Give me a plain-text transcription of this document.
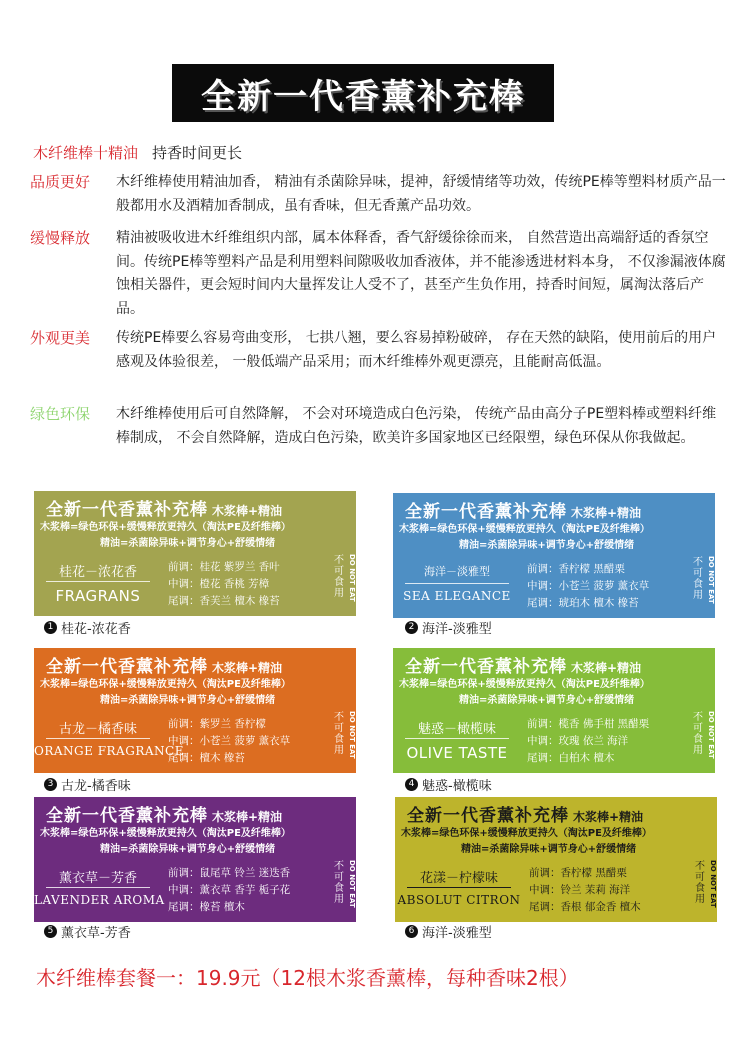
全新一代香薰补充棒
木纤维棒十精油 持香时间更长
品质更好 木纤维棒使用精油加香， 精油有杀菌除异味，提神，舒缓情绪等功效，传统PE棒等塑料材质产品一般都用水及酒精加香制成，虽有香味，但无香薰产品功效。
缓慢释放 精油被吸收进木纤维组织内部，属本体释香，香气舒缓徐徐而来， 自然营造出高端舒适的香氛空间。传统PE棒等塑料产品是利用塑料间隙吸收加香液体，并不能渗透进材料本身， 不仅渗漏液体腐蚀相关器件，更会短时间内大量挥发让人受不了，甚至产生负作用，持香时间短，属淘汰落后产品。
外观更美 传统PE棒要么容易弯曲变形， 七拱八翘，要么容易掉粉破碎， 存在天然的缺陷，使用前后的用户感观及体验很差， 一般低端产品采用；而木纤维棒外观更漂亮，且能耐高低温。
绿色环保 木纤维棒使用后可自然降解， 不会对环境造成白色污染， 传统产品由高分子PE塑料棒或塑料纤维棒制成， 不会自然降解，造成白色污染，欧美许多国家地区已经限塑，绿色环保从你我做起。
全新一代香薰补充棒 木浆棒+精油
木浆棒=绿色环保+缓慢释放更持久（淘汰PE及纤维棒）
精油=杀菌除异味+调节身心+舒缓情绪
桂花－浓花香
FRAGRANS
前调：桂花 紫罗兰 香叶
中调：橙花 香桃 芳樟
尾调：香芙兰 檀木 橡苔
不可食用 DO NOT EAT
1 桂花-浓花香
全新一代香薰补充棒 木浆棒+精油
木浆棒=绿色环保+缓慢释放更持久（淘汰PE及纤维棒）
精油=杀菌除异味+调节身心+舒缓情绪
海洋－淡雅型
SEA ELEGANCE
前调：香柠檬 黑醋栗
中调：小苍兰 菠萝 薰衣草
尾调：琥珀木 檀木 橡苔
不可食用 DO NOT EAT
2 海洋-淡雅型
全新一代香薰补充棒 木浆棒+精油
木浆棒=绿色环保+缓慢释放更持久（淘汰PE及纤维棒）
精油=杀菌除异味+调节身心+舒缓情绪
古龙－橘香味
ORANGE FRAGRANCE
前调：紫罗兰 香柠檬
中调：小苍兰 菠萝 薰衣草
尾调：檀木 橡苔
不可食用 DO NOT EAT
3 古龙-橘香味
全新一代香薰补充棒 木浆棒+精油
木浆棒=绿色环保+缓慢释放更持久（淘汰PE及纤维棒）
精油=杀菌除异味+调节身心+舒缓情绪
魅惑－橄榄味
OLIVE TASTE
前调：榄香 佛手柑 黑醋栗
中调：玫瑰 依兰 海洋
尾调：白柏木 檀木
不可食用 DO NOT EAT
4 魅惑-橄榄味
全新一代香薰补充棒 木浆棒+精油
木浆棒=绿色环保+缓慢释放更持久（淘汰PE及纤维棒）
精油=杀菌除异味+调节身心+舒缓情绪
薰衣草－芳香
LAVENDER AROMA
前调：鼠尾草 铃兰 迷迭香
中调：薰衣草 香芋 栀子花
尾调：橡苔 檀木
不可食用 DO NOT EAT
5 薰衣草-芳香
全新一代香薰补充棒 木浆棒+精油
木浆棒=绿色环保+缓慢释放更持久（淘汰PE及纤维棒）
精油=杀菌除异味+调节身心+舒缓情绪
花漾－柠檬味
ABSOLUT CITRON
前调：香柠檬 黑醋栗
中调：铃兰 茉莉 海洋
尾调：香根 郁金香 檀木
不可食用 DO NOT EAT
6 海洋-淡雅型
木纤维棒套餐一：19.9元（12根木浆香薰棒，每种香味2根）
